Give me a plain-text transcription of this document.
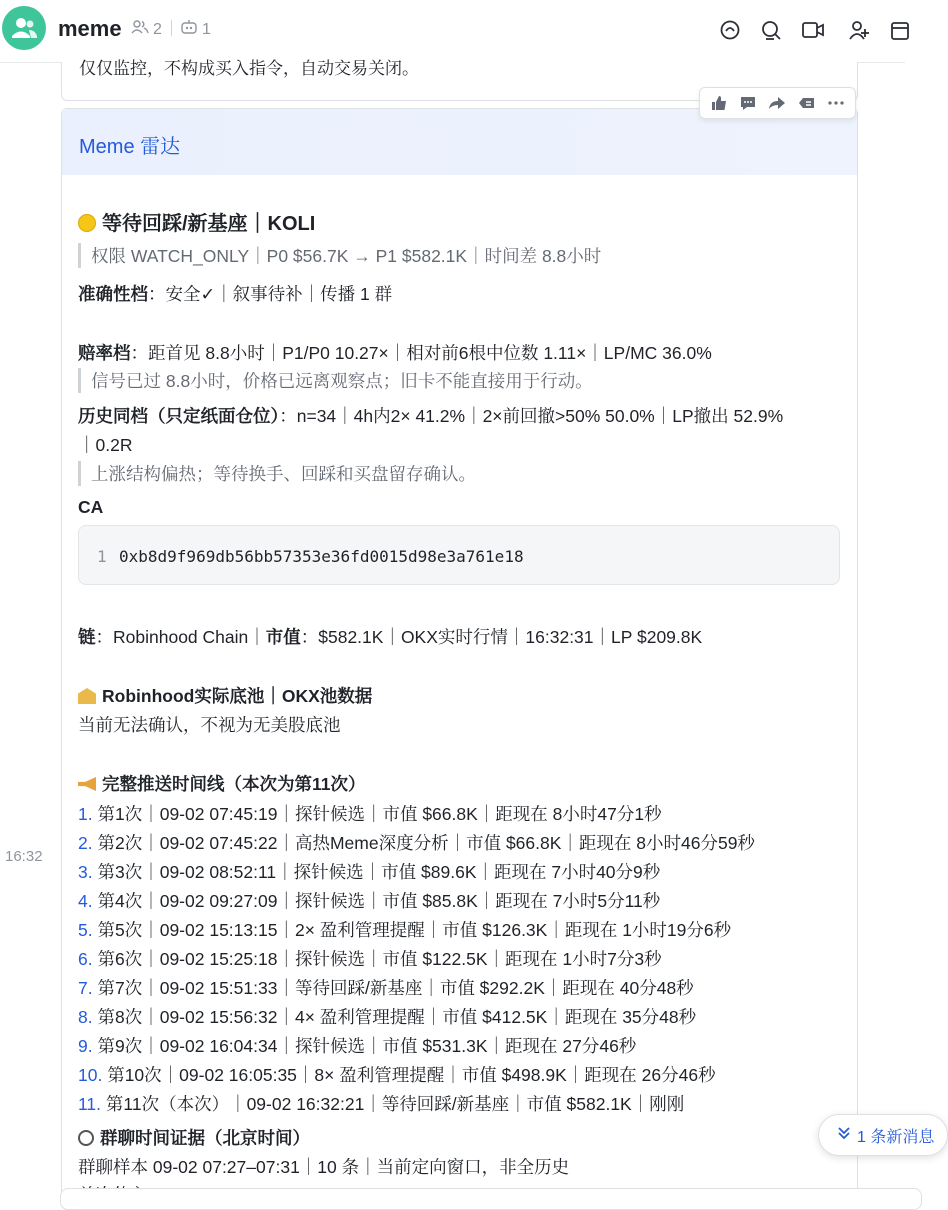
meme 2	1
16:32
仅仅监控，不构成买入指令，自动交易关闭。
Meme 雷达
等待回踩/新基座｜KOLI
权限 WATCH_ONLY｜P0 $56.7K → P1 $582.1K｜时间差 8.8小时
准确性档：安全✓｜叙事待补｜传播 1 群
赔率档：距首见 8.8小时｜P1/P0 10.27×｜相对前6根中位数 1.11×｜LP/MC 36.0%
信号已过 8.8小时，价格已远离观察点；旧卡不能直接用于行动。
历史同档（只定纸面仓位）：n=34｜4h内2× 41.2%｜2×前回撤>50% 50.0%｜LP撤出 52.9%
｜0.2R
上涨结构偏热；等待换手、回踩和买盘留存确认。
CA
1 0xb8d9f969db56bb57353e36fd0015d98e3a761e18
链：Robinhood Chain｜市值：$582.1K｜OKX实时行情｜16:32:31｜LP $209.8K
Robinhood实际底池｜OKX池数据
当前无法确认，不视为无美股底池
完整推送时间线（本次为第11次）
1. 第1次｜09-02 07:45:19｜探针候选｜市值 $66.8K｜距现在 8小时47分1秒
2. 第2次｜09-02 07:45:22｜高热Meme深度分析｜市值 $66.8K｜距现在 8小时46分59秒
3. 第3次｜09-02 08:52:11｜探针候选｜市值 $89.6K｜距现在 7小时40分9秒
4. 第4次｜09-02 09:27:09｜探针候选｜市值 $85.8K｜距现在 7小时5分11秒
5. 第5次｜09-02 15:13:15｜2× 盈利管理提醒｜市值 $126.3K｜距现在 1小时19分6秒
6. 第6次｜09-02 15:25:18｜探针候选｜市值 $122.5K｜距现在 1小时7分3秒
7. 第7次｜09-02 15:51:33｜等待回踩/新基座｜市值 $292.2K｜距现在 40分48秒
8. 第8次｜09-02 15:56:32｜4× 盈利管理提醒｜市值 $412.5K｜距现在 35分48秒
9. 第9次｜09-02 16:04:34｜探针候选｜市值 $531.3K｜距现在 27分46秒
10. 第10次｜09-02 16:05:35｜8× 盈利管理提醒｜市值 $498.9K｜距现在 26分46秒
11. 第11次（本次）｜09-02 16:32:21｜等待回踩/新基座｜市值 $582.1K｜刚刚
群聊时间证据（北京时间）
群聊样本 09-02 07:27–07:31｜10 条｜当前定向窗口，非全历史
1 条新消息
